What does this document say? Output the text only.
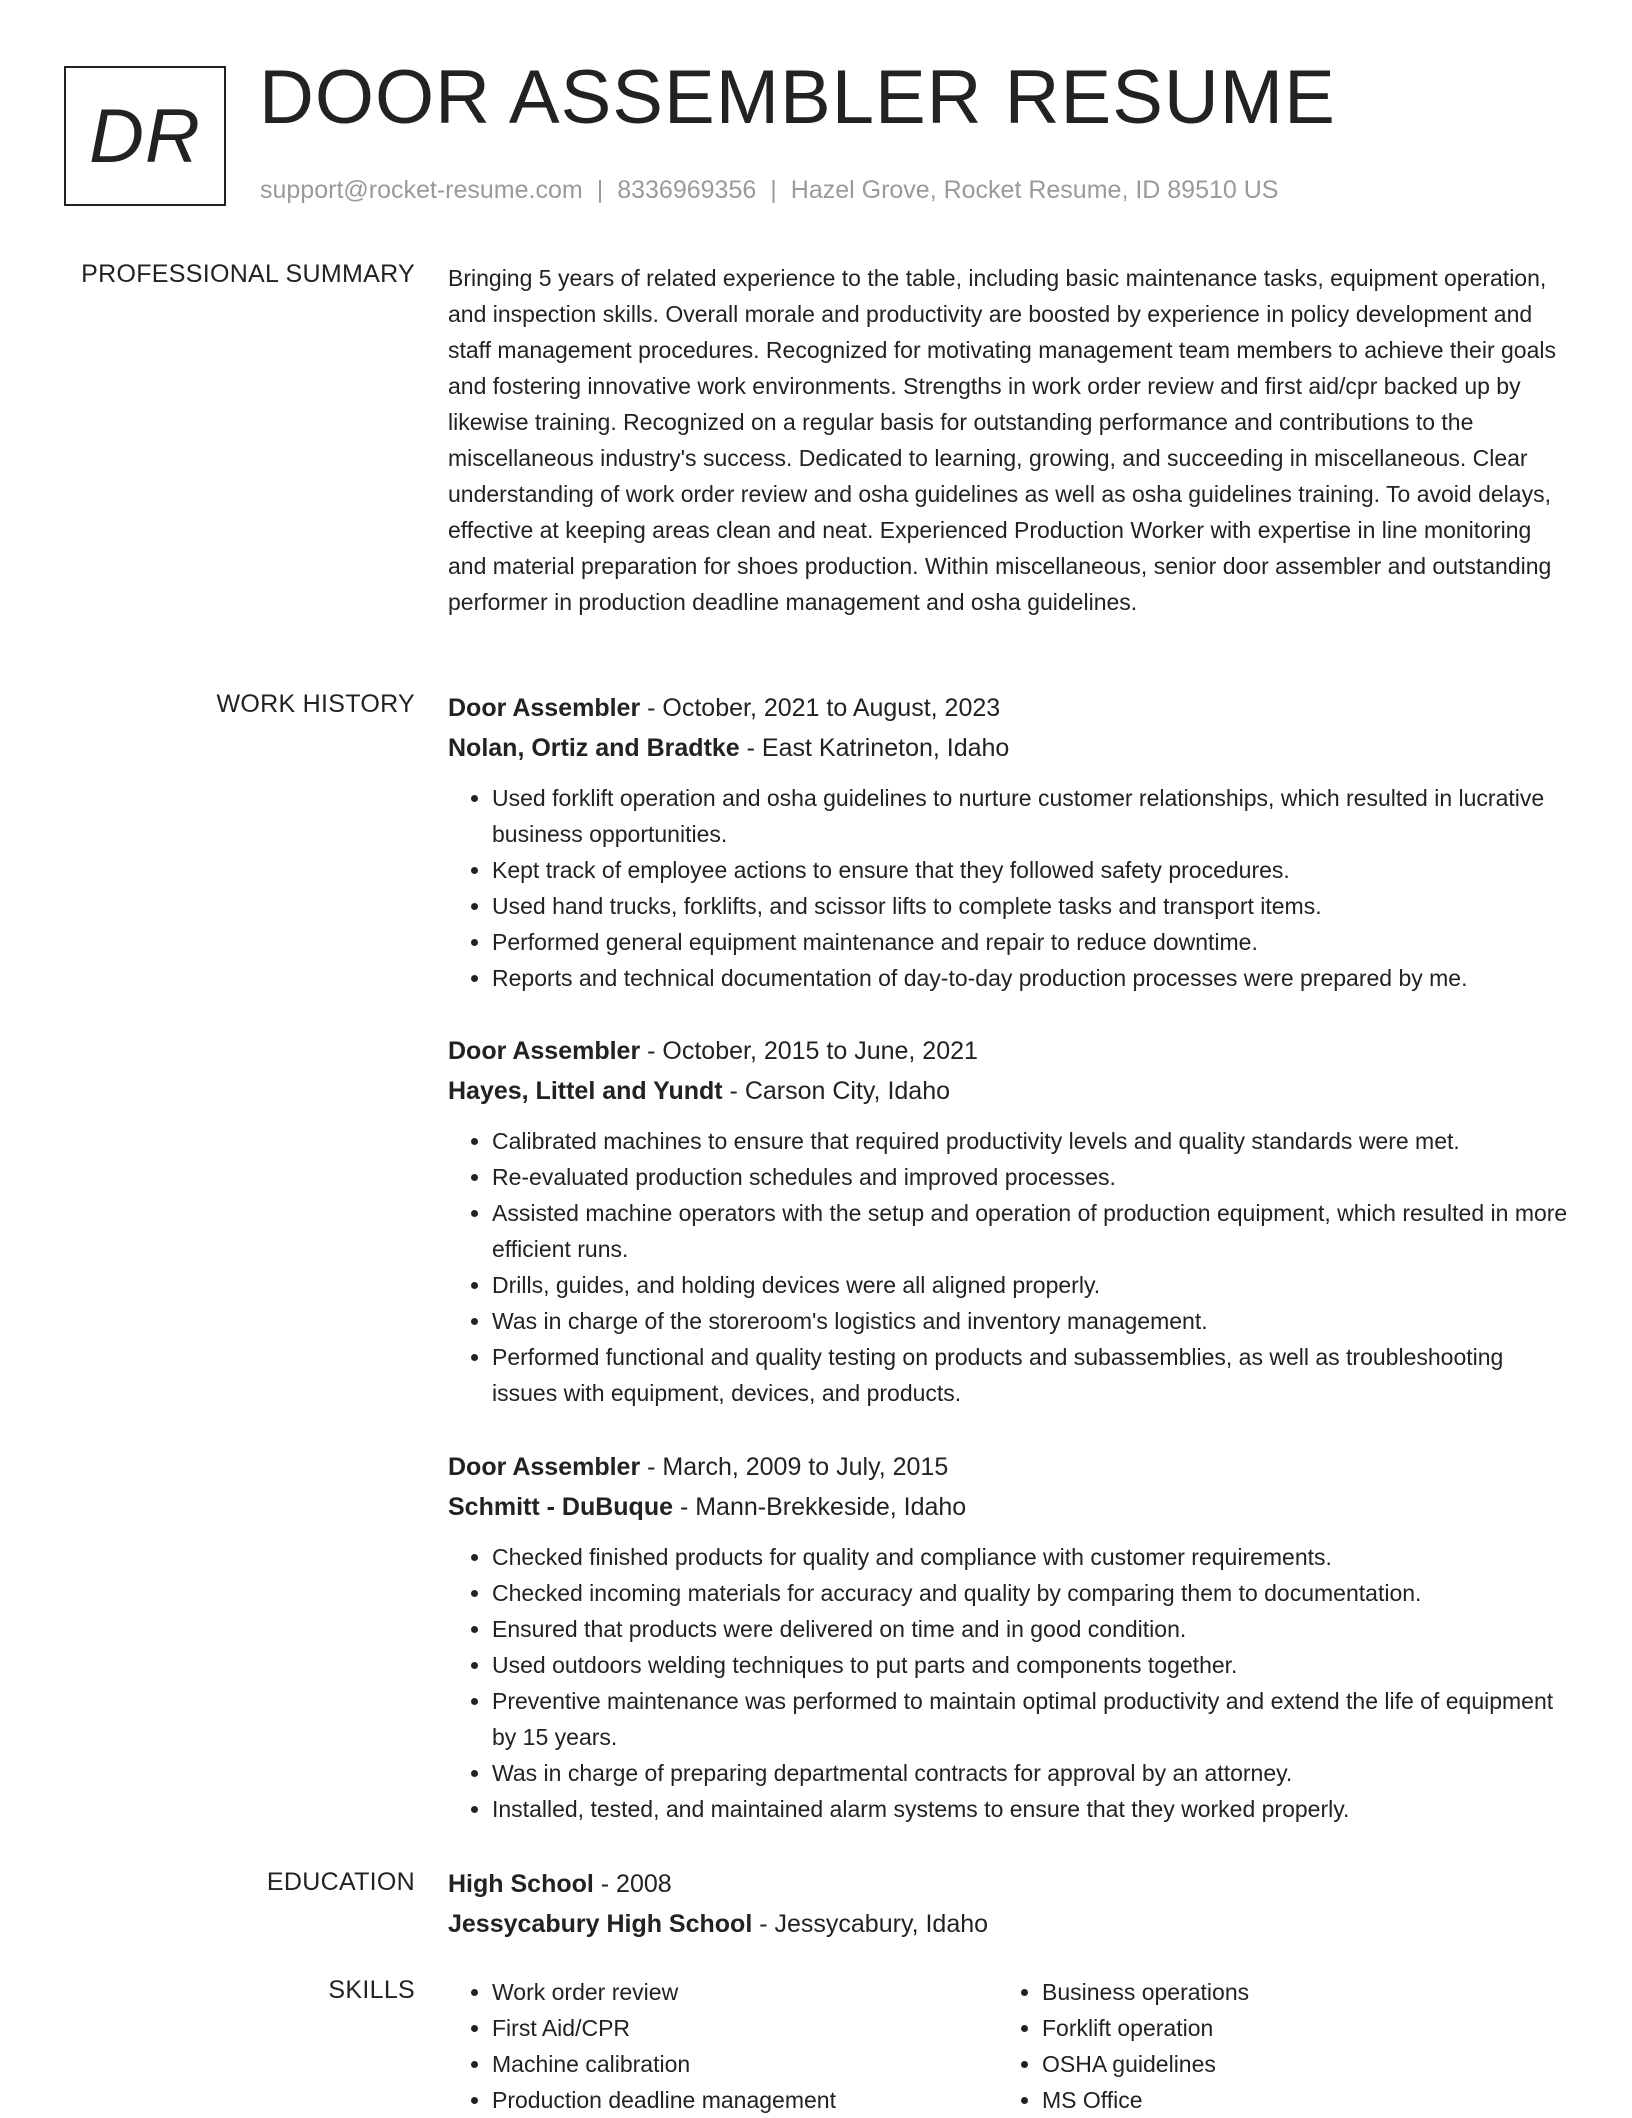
DR DOOR ASSEMBLER RESUME
support@rocket-resume.com | 8336969356 | Hazel Grove, Rocket Resume, ID 89510 US
PROFESSIONAL SUMMARY Bringing 5 years of related experience to the table, including basic maintenance tasks, equipment operation, and inspection skills. Overall morale and productivity are boosted by experience in policy development and staff management procedures. Recognized for motivating management team members to achieve their goals and fostering innovative work environments. Strengths in work order review and first aid/cpr backed up by likewise training. Recognized on a regular basis for outstanding performance and contributions to the miscellaneous industry's success. Dedicated to learning, growing, and succeeding in miscellaneous. Clear understanding of work order review and osha guidelines as well as osha guidelines training. To avoid delays, effective at keeping areas clean and neat. Experienced Production Worker with expertise in line monitoring and material preparation for shoes production. Within miscellaneous, senior door assembler and outstanding performer in production deadline management and osha guidelines.

WORK HISTORY Door Assembler - October, 2021 to August, 2023
Nolan, Ortiz and Bradtke - East Katrineton, Idaho
• Used forklift operation and osha guidelines to nurture customer relationships, which resulted in lucrative business opportunities.
• Kept track of employee actions to ensure that they followed safety procedures.
• Used hand trucks, forklifts, and scissor lifts to complete tasks and transport items.
• Performed general equipment maintenance and repair to reduce downtime.
• Reports and technical documentation of day-to-day production processes were prepared by me.
Door Assembler - October, 2015 to June, 2021
Hayes, Littel and Yundt - Carson City, Idaho
• Calibrated machines to ensure that required productivity levels and quality standards were met.
• Re-evaluated production schedules and improved processes.
• Assisted machine operators with the setup and operation of production equipment, which resulted in more efficient runs.
• Drills, guides, and holding devices were all aligned properly.
• Was in charge of the storeroom's logistics and inventory management.
• Performed functional and quality testing on products and subassemblies, as well as troubleshooting issues with equipment, devices, and products.
Door Assembler - March, 2009 to July, 2015
Schmitt - DuBuque - Mann-Brekkeside, Idaho
• Checked finished products for quality and compliance with customer requirements.
• Checked incoming materials for accuracy and quality by comparing them to documentation.
• Ensured that products were delivered on time and in good condition.
• Used outdoors welding techniques to put parts and components together.
• Preventive maintenance was performed to maintain optimal productivity and extend the life of equipment by 15 years.
• Was in charge of preparing departmental contracts for approval by an attorney.
• Installed, tested, and maintained alarm systems to ensure that they worked properly.
EDUCATION High School - 2008
Jessycabury High School - Jessycabury, Idaho
SKILLS
•	Work order review
• First Aid/CPR
• Machine calibration
• Production deadline management
• Business operations
• Forklift operation
• OSHA guidelines
• MS Office
